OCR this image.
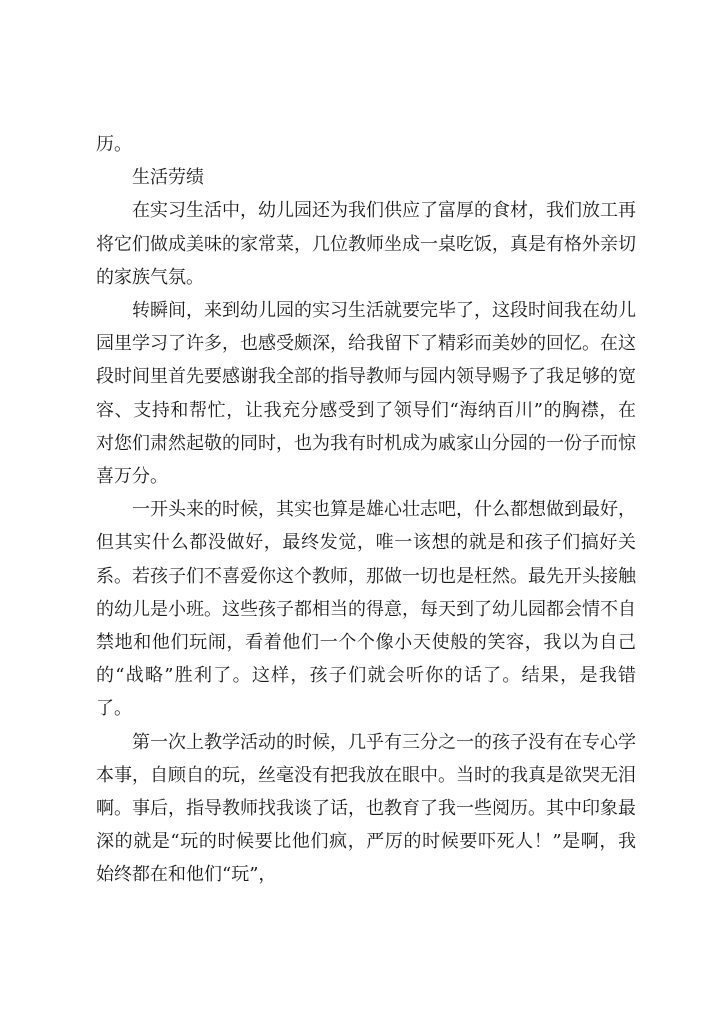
历。

生活劳绩

在实习生活中，幼儿园还为我们供应了富厚的食材，我们放工再将它们做成美味的家常菜，几位教师坐成一桌吃饭，真是有格外亲切的家族气氛。

转瞬间，来到幼儿园的实习生活就要完毕了，这段时间我在幼儿园里学习了许多，也感受颇深，给我留下了精彩而美妙的回忆。在这段时间里首先要感谢我全部的指导教师与园内领导赐予了我足够的宽容、支持和帮忙，让我充分感受到了领导们“海纳百川”的胸襟，在对您们肃然起敬的同时，也为我有时机成为戚家山分园的一份子而惊喜万分。

一开头来的时候，其实也算是雄心壮志吧，什么都想做到最好，但其实什么都没做好，最终发觉，唯一该想的就是和孩子们搞好关系。若孩子们不喜爱你这个教师，那做一切也是枉然。最先开头接触的幼儿是小班。这些孩子都相当的得意，每天到了幼儿园都会情不自禁地和他们玩闹，看着他们一个个像小天使般的笑容，我以为自己的“战略”胜利了。这样，孩子们就会听你的话了。结果，是我错了。

第一次上教学活动的时候，几乎有三分之一的孩子没有在专心学本事，自顾自的玩，丝毫没有把我放在眼中。当时的我真是欲哭无泪啊。事后，指导教师找我谈了话，也教育了我一些阅历。其中印象最深的就是“玩的时候要比他们疯，严厉的时候要吓死人！”是啊，我始终都在和他们“玩”，
